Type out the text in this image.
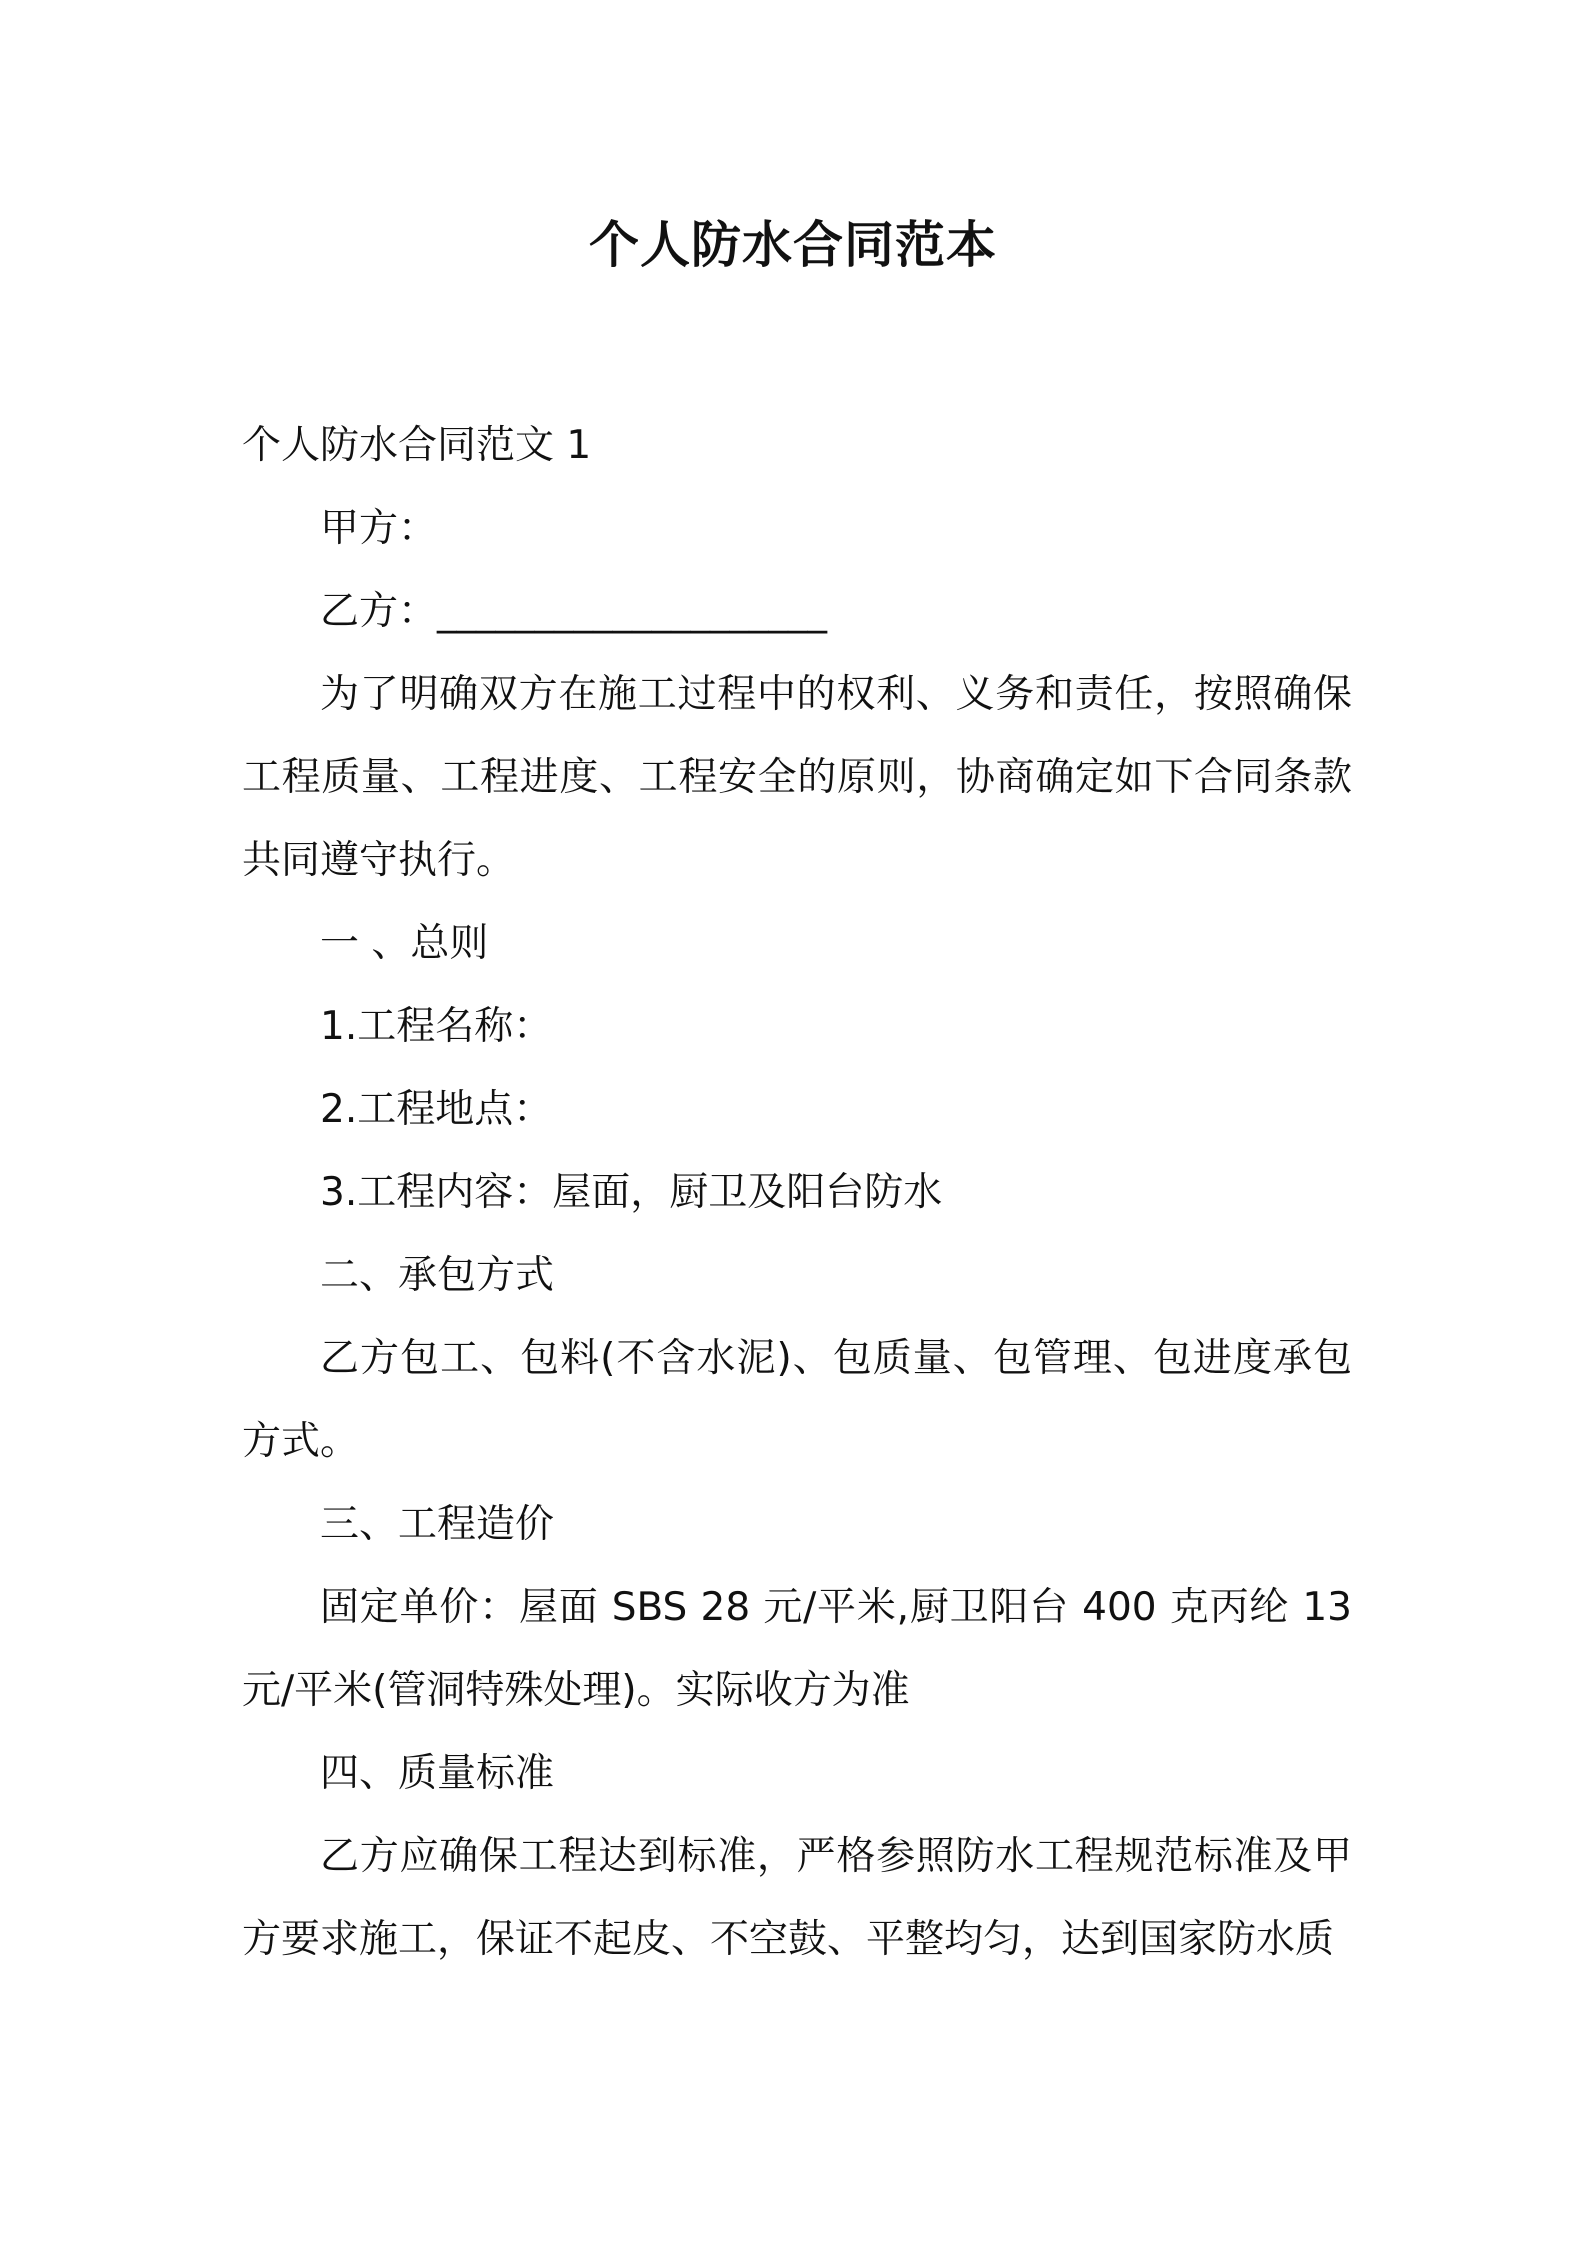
个人防水合同范本

个人防水合同范文 1

甲方：

乙方：____________________

为了明确双方在施工过程中的权利、义务和责任，按照确保工程质量、工程进度、工程安全的原则，协商确定如下合同条款共同遵守执行。

一 、总则

1.工程名称：

2.工程地点：

3.工程内容：屋面，厨卫及阳台防水

二、承包方式

乙方包工、包料(不含水泥)、包质量、包管理、包进度承包方式。

三、工程造价

固定单价：屋面 SBS 28 元/平米,厨卫阳台 400 克丙纶 13 元/平米(管洞特殊处理)。实际收方为准

四、质量标准

乙方应确保工程达到标准，严格参照防水工程规范标准及甲方要求施工，保证不起皮、不空鼓、平整均匀，达到国家防水质
